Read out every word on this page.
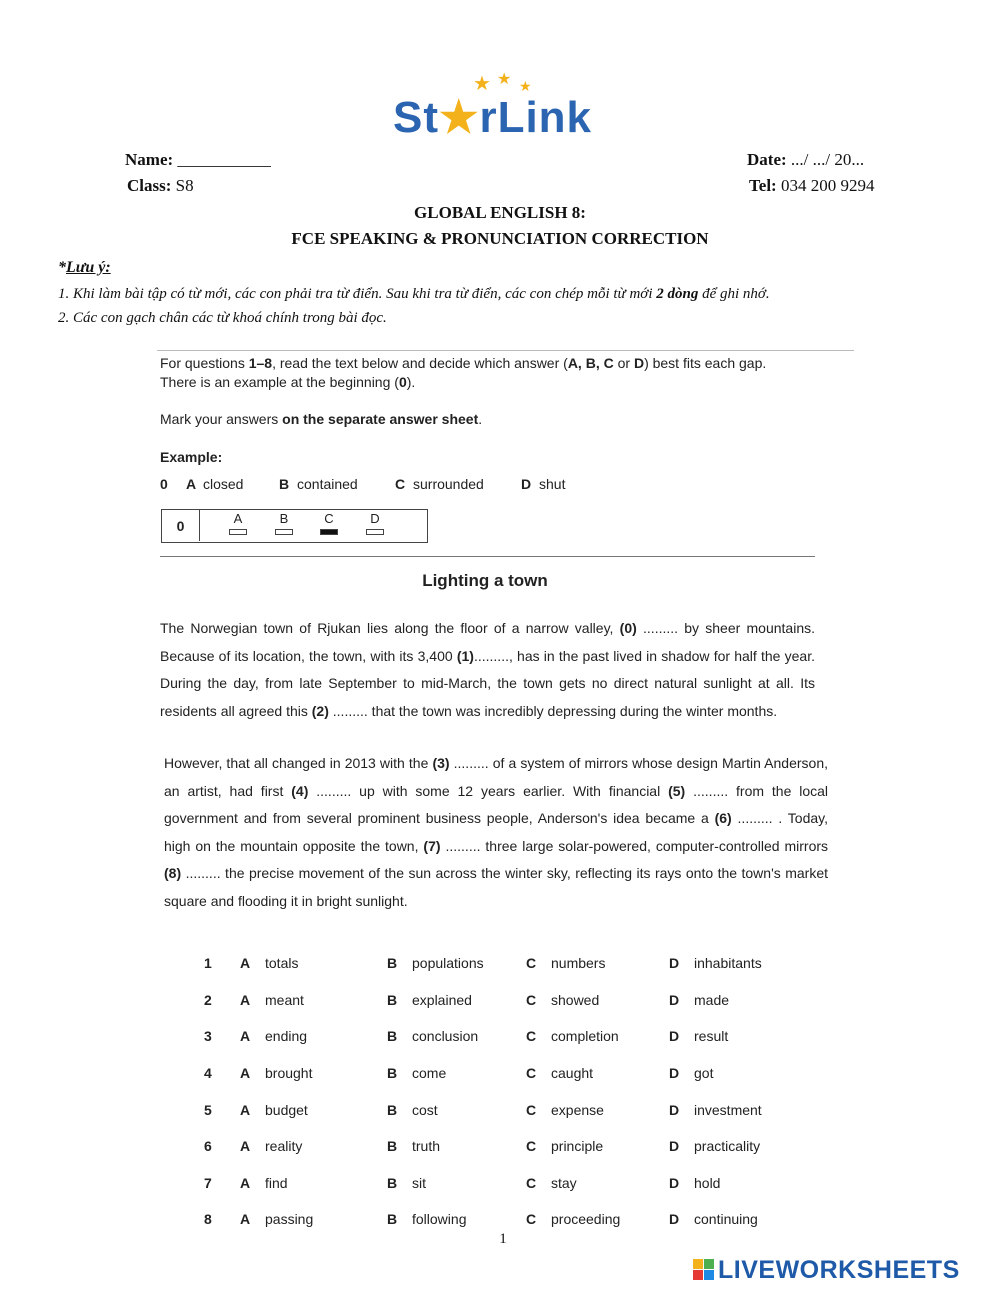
★ ★ ★
St★rLink
Name: ___________	Date: .../ .../ 20...
Class: S8	Tel: 034 200 9294
GLOBAL ENGLISH 8:
FCE SPEAKING & PRONUNCIATION CORRECTION
*Lưu ý:
1. Khi làm bài tập có từ mới, các con phải tra từ điển. Sau khi tra từ điển, các con chép mỗi từ mới 2 dòng để ghi nhớ.
2. Các con gạch chân các từ khoá chính trong bài đọc.
For questions 1–8, read the text below and decide which answer (A, B, C or D) best fits each gap.
There is an example at the beginning (0).
Mark your answers on the separate answer sheet.
Example:
0 A closed	B contained	C surrounded	D shut
0	A	B	C	D
Lighting a town
The Norwegian town of Rjukan lies along the floor of a narrow valley, (0) ......... by sheer mountains. Because of its location, the town, with its 3,400 (1)........., has in the past lived in shadow for half the year. During the day, from late September to mid-March, the town gets no direct natural sunlight at all. Its residents all agreed this (2) ......... that the town was incredibly depressing during the winter months.
However, that all changed in 2013 with the (3) ......... of a system of mirrors whose design Martin Anderson, an artist, had first (4) ......... up with some 12 years earlier. With financial (5) ......... from the local government and from several prominent business people, Anderson's idea became a (6) ......... . Today, high on the mountain opposite the town, (7) ......... three large solar-powered, computer-controlled mirrors (8) ......... the precise movement of the sun across the winter sky, reflecting its rays onto the town's market square and flooding it in bright sunlight.
1	A	totals	B	populations	C	numbers	D	inhabitants
2	A	meant	B	explained	C	showed	D	made
3	A	ending	B	conclusion	C	completion	D	result
4	A	brought	B	come	C	caught	D	got
5	A	budget	B	cost	C	expense	D	investment
6	A	reality	B	truth	C	principle	D	practicality
7	A	find	B	sit	C	stay	D	hold
8	A	passing	B	following	C	proceeding	D	continuing
1
LIVEWORKSHEETS
